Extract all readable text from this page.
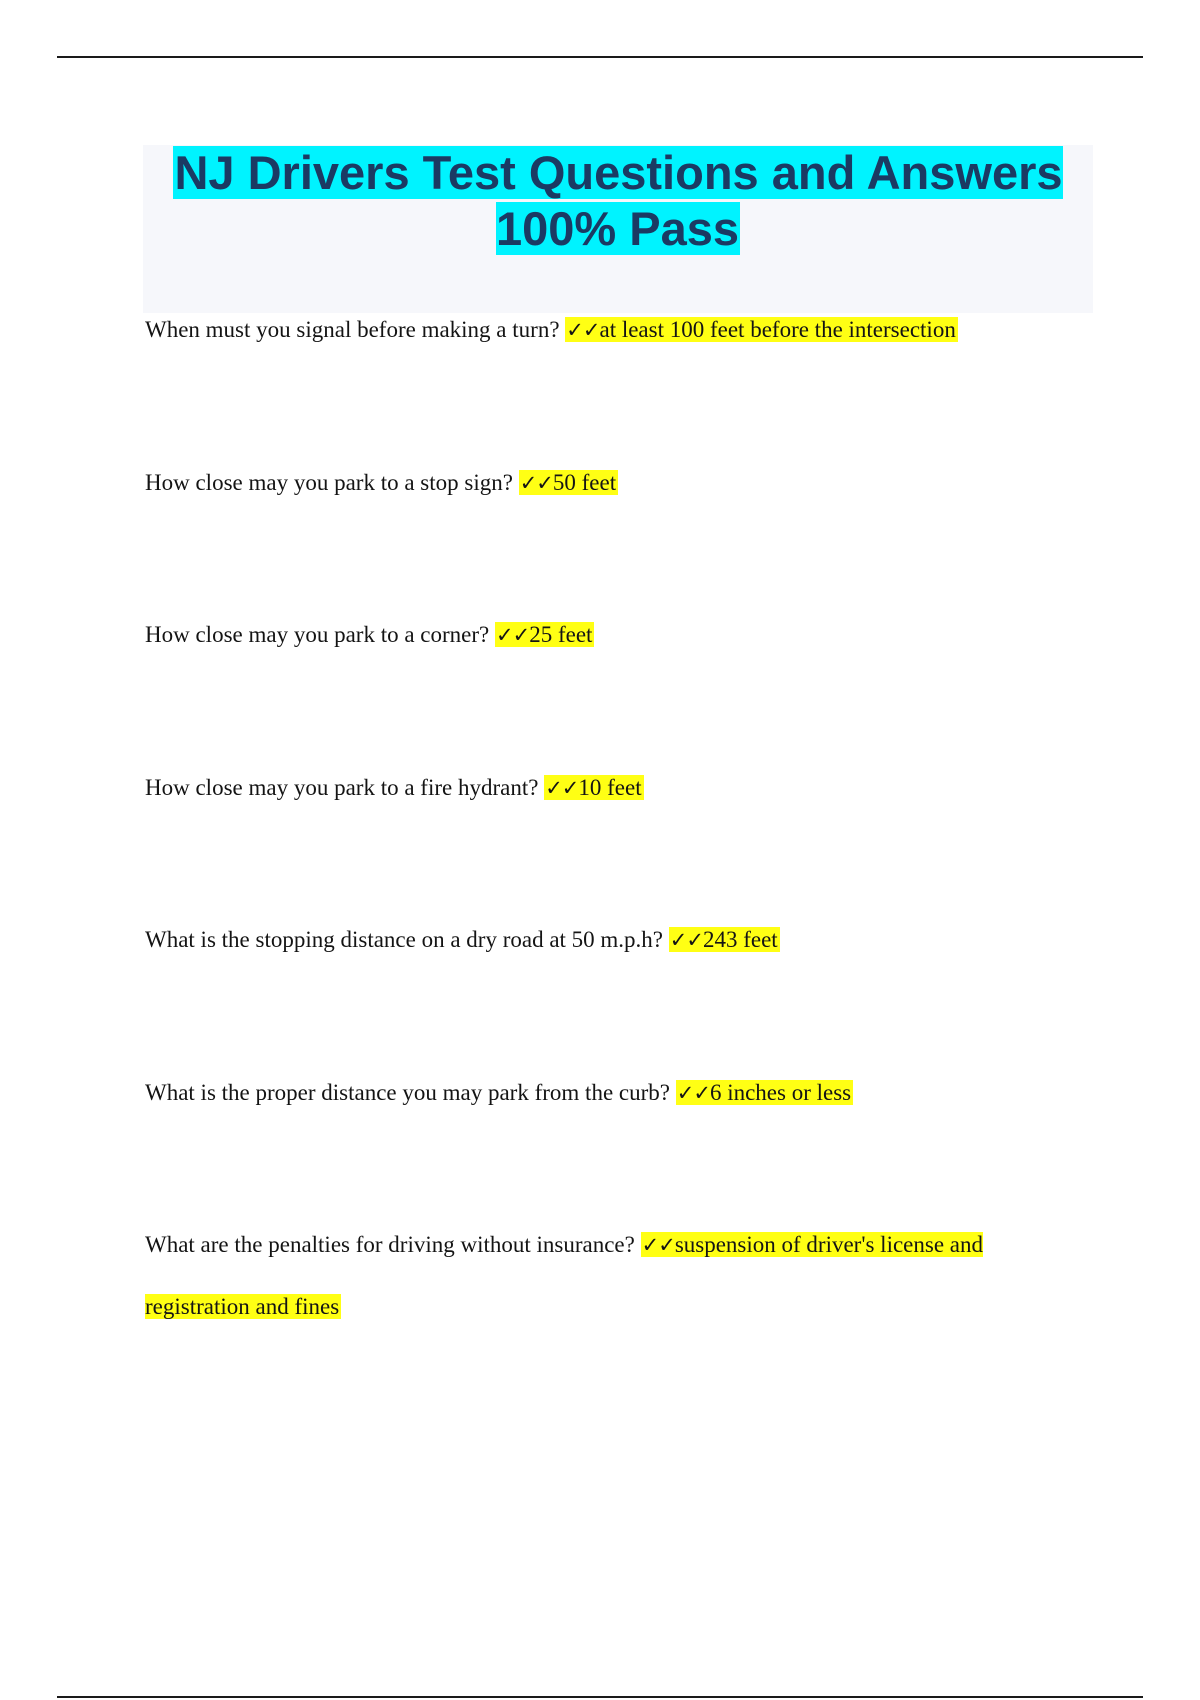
NJ Drivers Test Questions and Answers 100% Pass
When must you signal before making a turn? ✓✓at least 100 feet before the intersection
How close may you park to a stop sign? ✓✓50 feet
How close may you park to a corner? ✓✓25 feet
How close may you park to a fire hydrant? ✓✓10 feet
What is the stopping distance on a dry road at 50 m.p.h? ✓✓243 feet
What is the proper distance you may park from the curb? ✓✓6 inches or less
What are the penalties for driving without insurance? ✓✓suspension of driver's license and registration and fines
